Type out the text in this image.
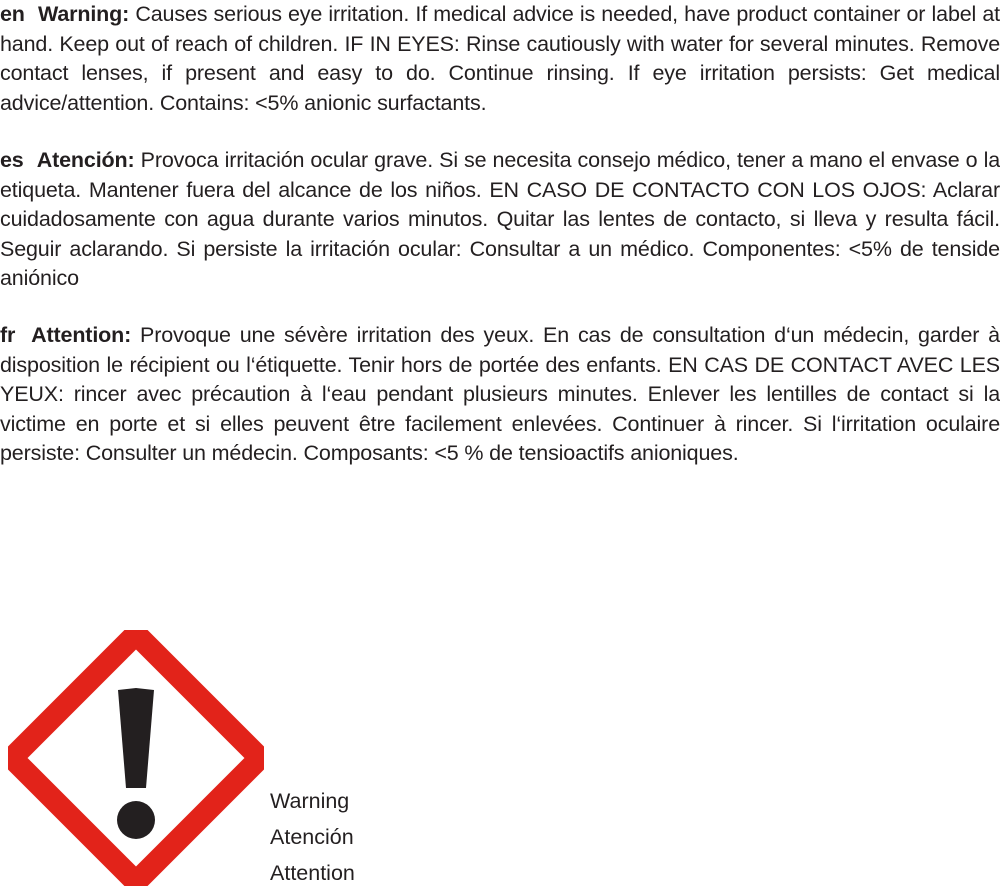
en Warning: Causes serious eye irritation. If medical advice is needed, have product container or label at hand. Keep out of reach of children. IF IN EYES: Rinse cautiously with water for several minutes. Remove contact lenses, if present and easy to do. Continue rinsing. If eye irritation persists: Get medical advice/attention. Contains: <5% anionic surfactants.
es Atención: Provoca irritación ocular grave. Si se necesita consejo médico, tener a mano el envase o la etiqueta. Mantener fuera del alcance de los niños. EN CASO DE CONTACTO CON LOS OJOS: Aclarar cuidadosamente con agua durante varios minutos. Quitar las lentes de contacto, si lleva y resulta fácil. Seguir aclarando. Si persiste la irritación ocular: Consultar a un médico. Componentes: <5% de tenside aniónico
fr Attention: Provoque une sévère irritation des yeux. En cas de consultation d‘un médecin, garder à disposition le récipient ou l‘étiquette. Tenir hors de portée des enfants. EN CAS DE CONTACT AVEC LES YEUX: rincer avec précaution à l‘eau pendant plusieurs minutes. Enlever les lentilles de contact si la victime en porte et si elles peuvent être facilement enlevées. Continuer à rincer. Si l‘irritation oculaire persiste: Consulter un médecin. Composants: <5 % de tensioactifs anioniques.
Warning
Atención
Attention
